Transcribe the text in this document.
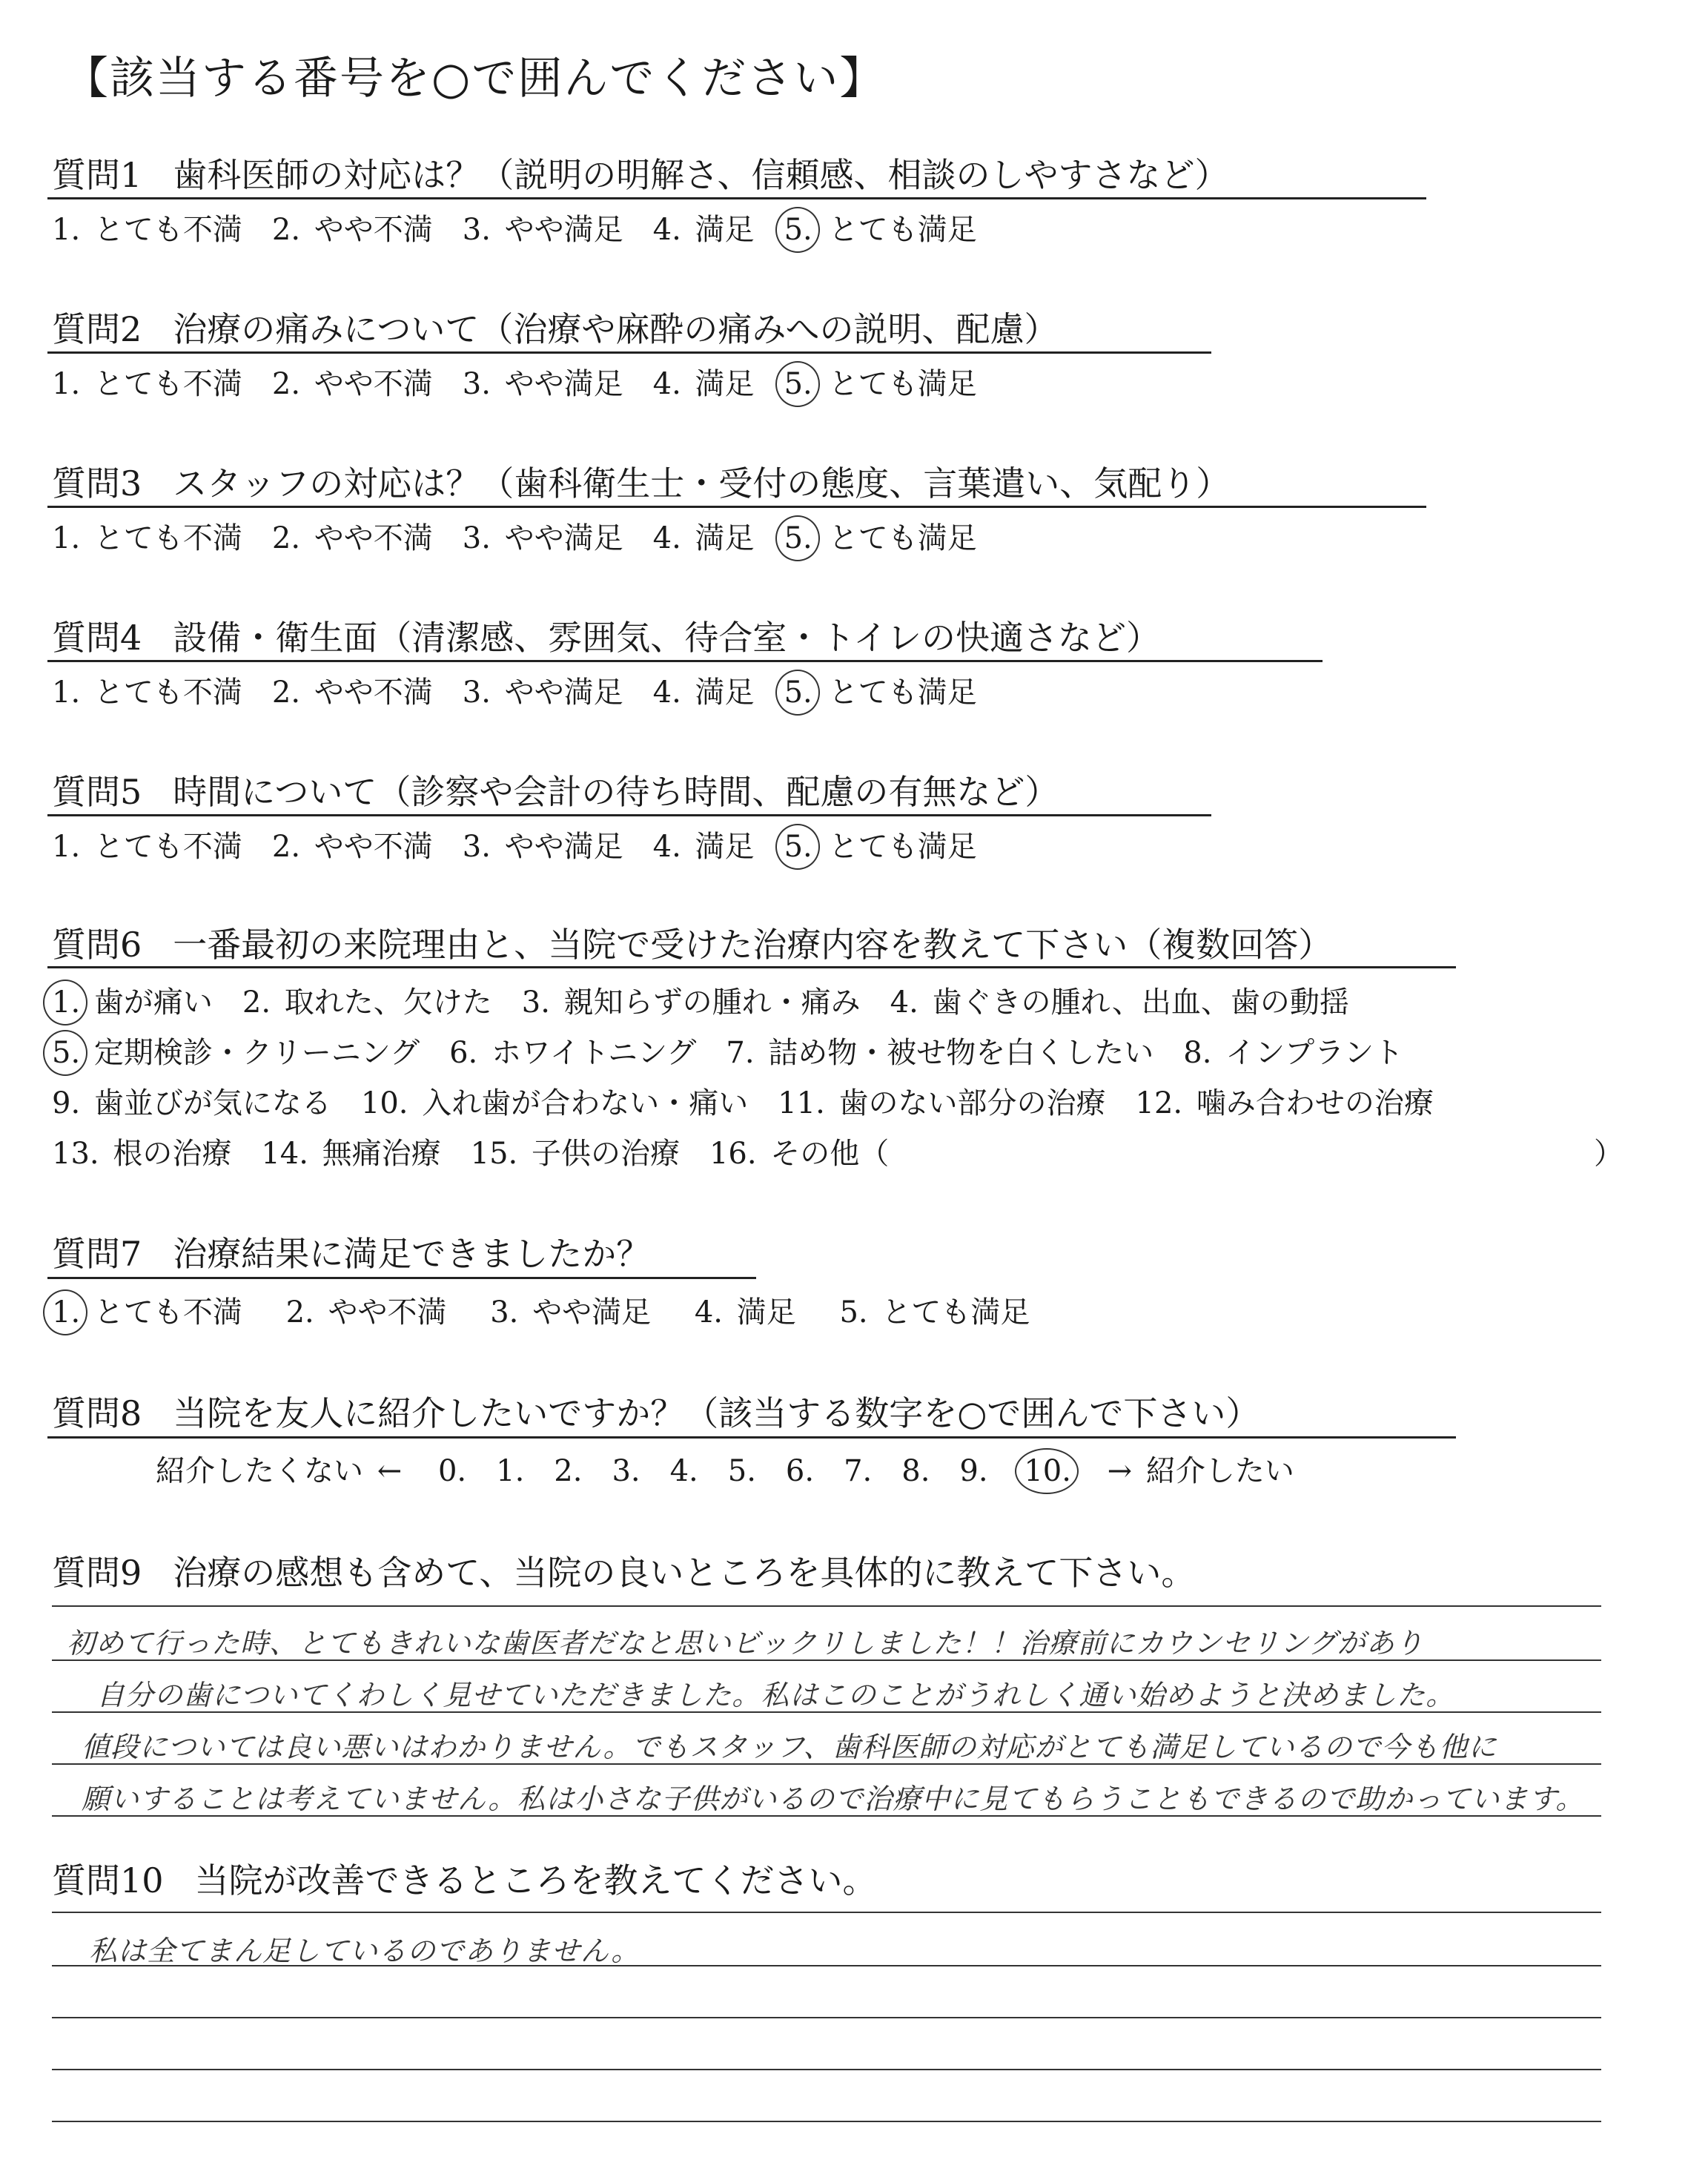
【該当する番号を○で囲んでください】
質問1 歯科医師の対応は？（説明の明解さ、信頼感、相談のしやすさなど）
1. とても不満 2. やや不満 3. やや満足 4. 満足 5. とても満足
質問2 治療の痛みについて（治療や麻酔の痛みへの説明、配慮）
1. とても不満 2. やや不満 3. やや満足 4. 満足 5. とても満足
質問3 スタッフの対応は？（歯科衛生士・受付の態度、言葉遣い、気配り）
1. とても不満 2. やや不満 3. やや満足 4. 満足 5. とても満足
質問4 設備・衛生面（清潔感、雰囲気、待合室・トイレの快適さなど）
1. とても不満 2. やや不満 3. やや満足 4. 満足 5. とても満足
質問5 時間について（診察や会計の待ち時間、配慮の有無など）
1. とても不満 2. やや不満 3. やや満足 4. 満足 5. とても満足
質問6 一番最初の来院理由と、当院で受けた治療内容を教えて下さい（複数回答）
1. 歯が痛い　2. 取れた、欠けた　3. 親知らずの腫れ・痛み　4. 歯ぐきの腫れ、出血、歯の動揺
5. 定期検診・クリーニング　6. ホワイトニング　7. 詰め物・被せ物を白くしたい　8. インプラント
9. 歯並びが気になる　10. 入れ歯が合わない・痛い　11. 歯のない部分の治療　12. 噛み合わせの治療
13. 根の治療　14. 無痛治療　15. 子供の治療　16. その他（	）
質問7 治療結果に満足できましたか？
1. とても不満 2. やや不満 3. やや満足 4. 満足 5. とても満足
質問8 当院を友人に紹介したいですか？（該当する数字を○で囲んで下さい）
紹介したくない ← 0.　1.　2.　3.　4.　5.　6.　7.　8.　9. 10. → 紹介したい
質問9 治療の感想も含めて、当院の良いところを具体的に教えて下さい。
初めて行った時、とてもきれいな歯医者だなと思いビックリしました！！治療前にカウンセリングがあり
自分の歯についてくわしく見せていただきました。私はこのことがうれしく通い始めようと決めました。
値段については良い悪いはわかりません。でもスタッフ、歯科医師の対応がとても満足しているので今も他に
願いすることは考えていません。私は小さな子供がいるので治療中に見てもらうこともできるので助かっています。
質問10 当院が改善できるところを教えてください。
私は全てまん足しているのでありません。
